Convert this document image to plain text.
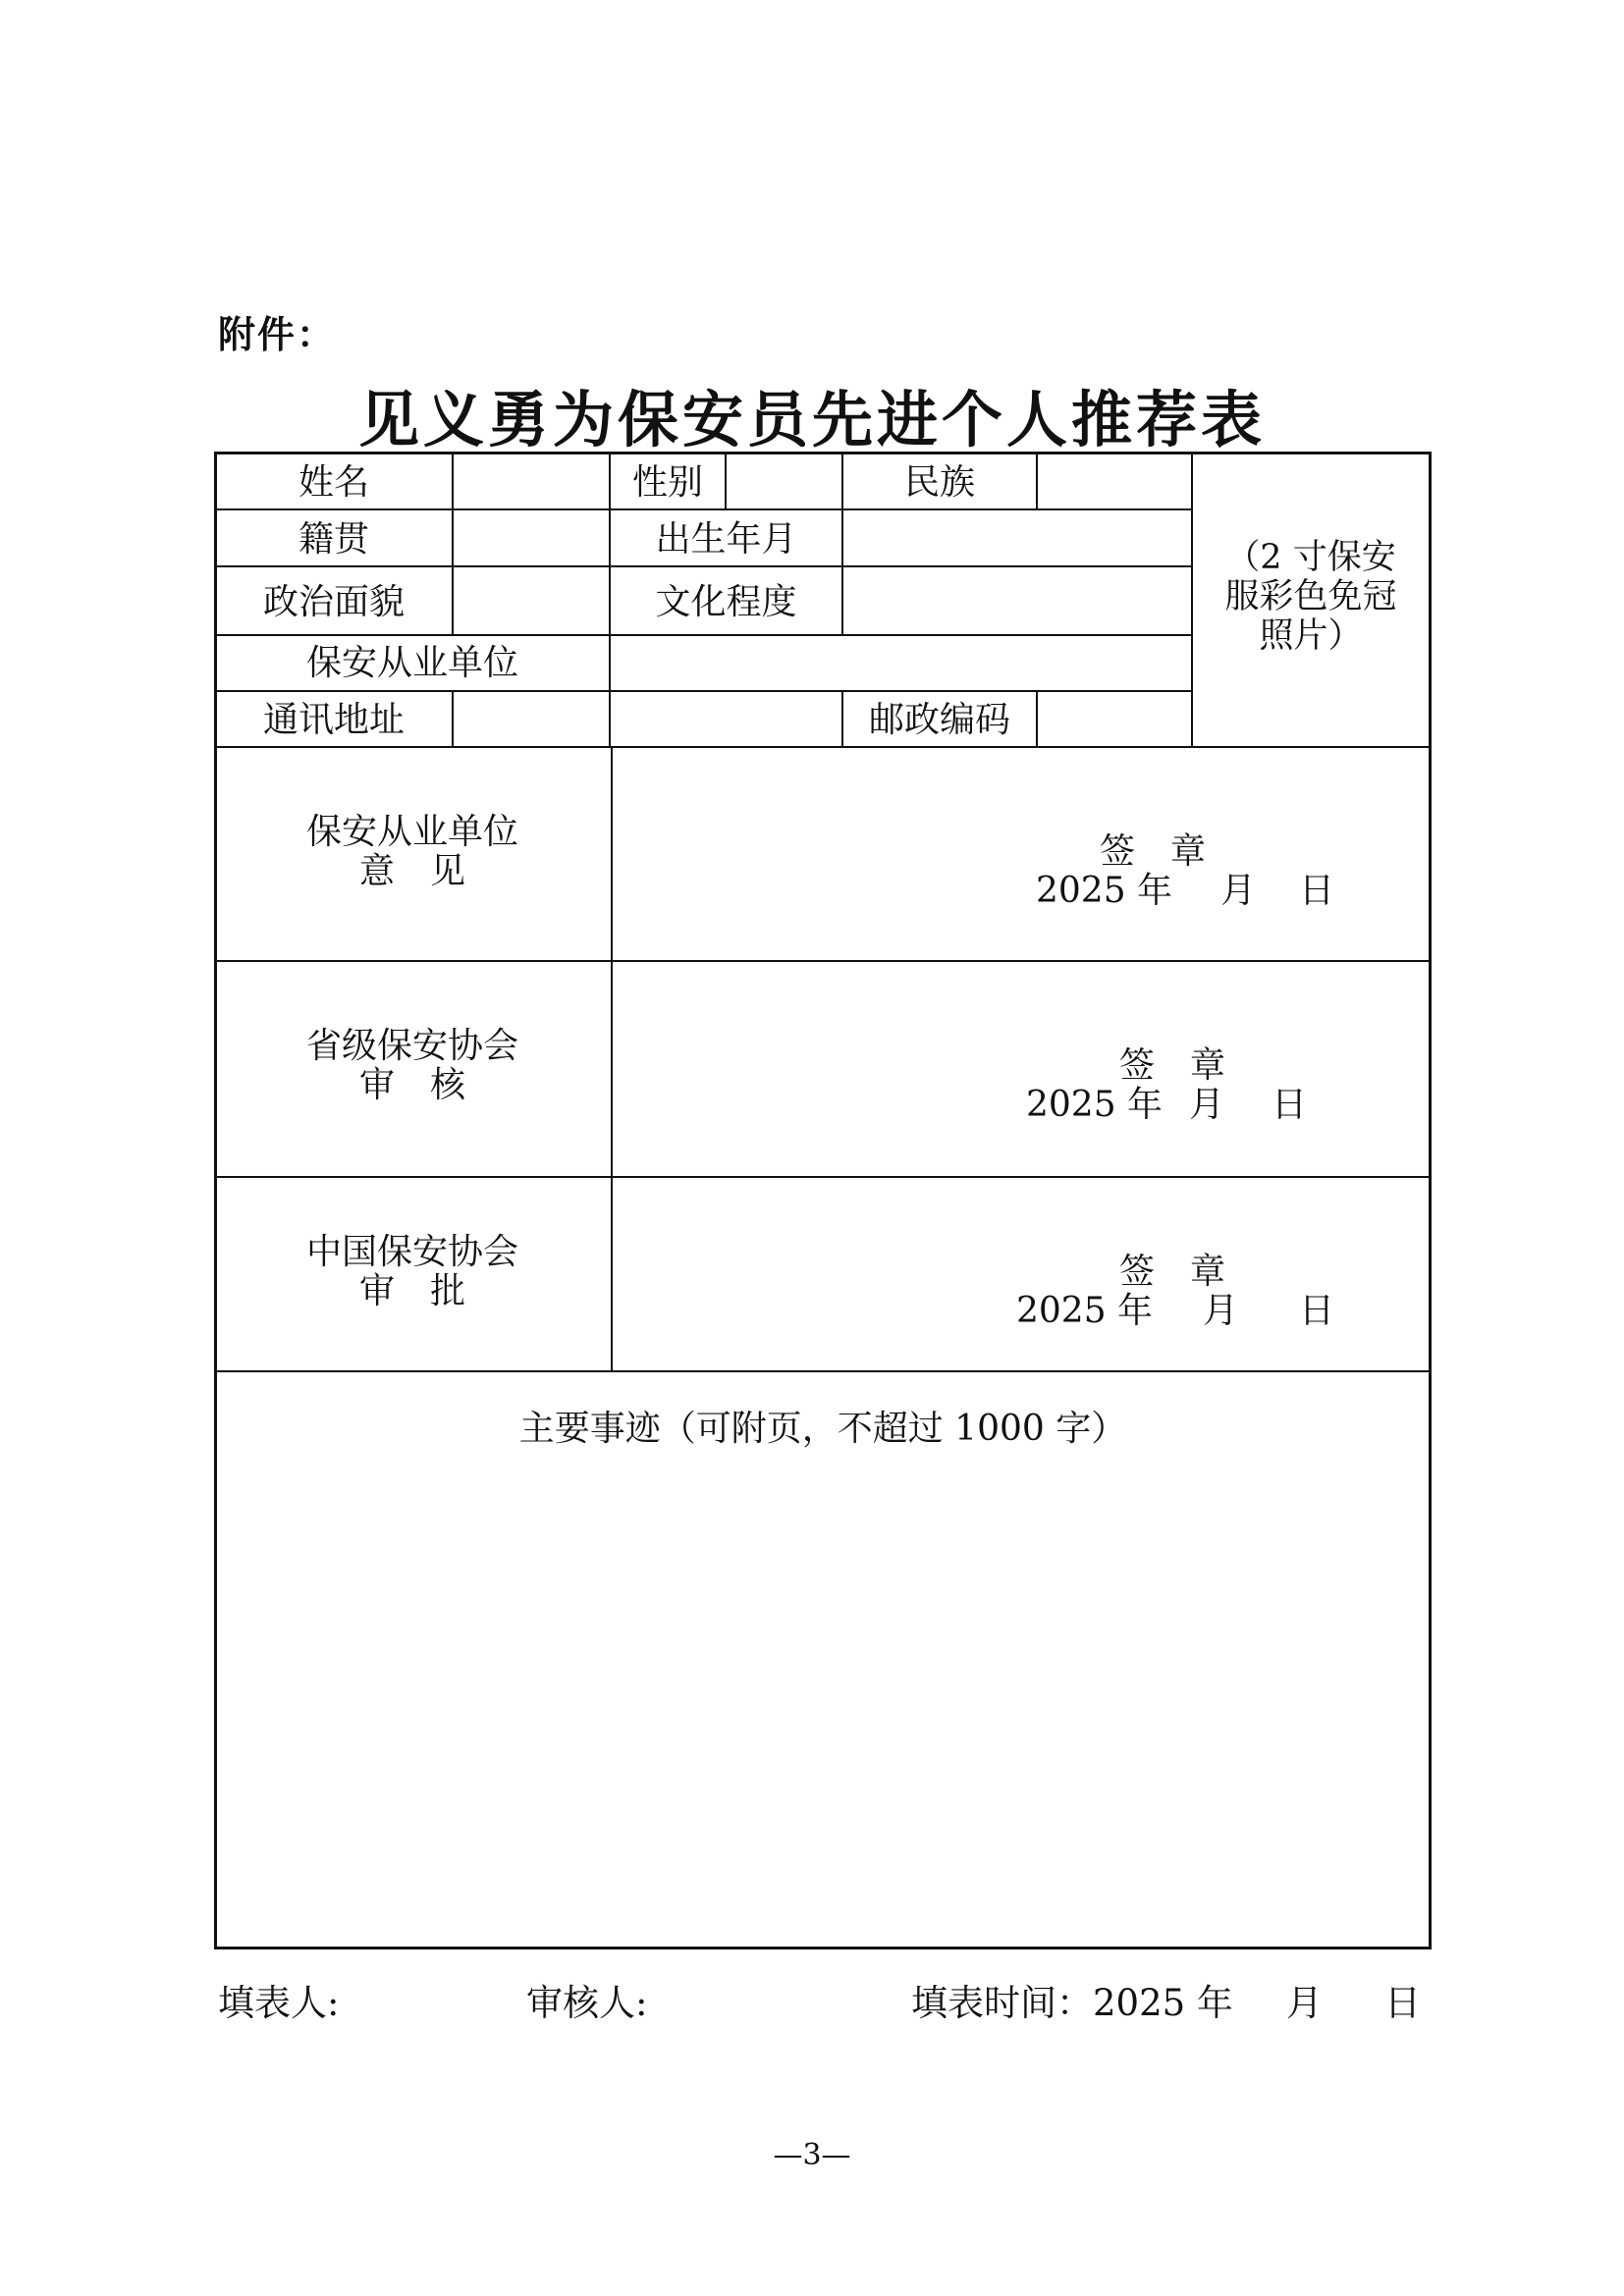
附件：
见义勇为保安员先进个人推荐表
姓名	性别	民族
籍贯	出生年月
政治面貌	文化程度
保安从业单位
通讯地址	邮政编码
（2 寸保安
服彩色免冠
照片）
保安从业单位
意　见	签　章
2025 年 月 日
省级保安协会
审　核	签　章
2025 年 月 日
中国保安协会
审　批	签　章
2025 年 月 日
主要事迹（可附页，不超过 1000 字）
填表人:	审核人:	填表时间：2025 年 月 日
—3—
